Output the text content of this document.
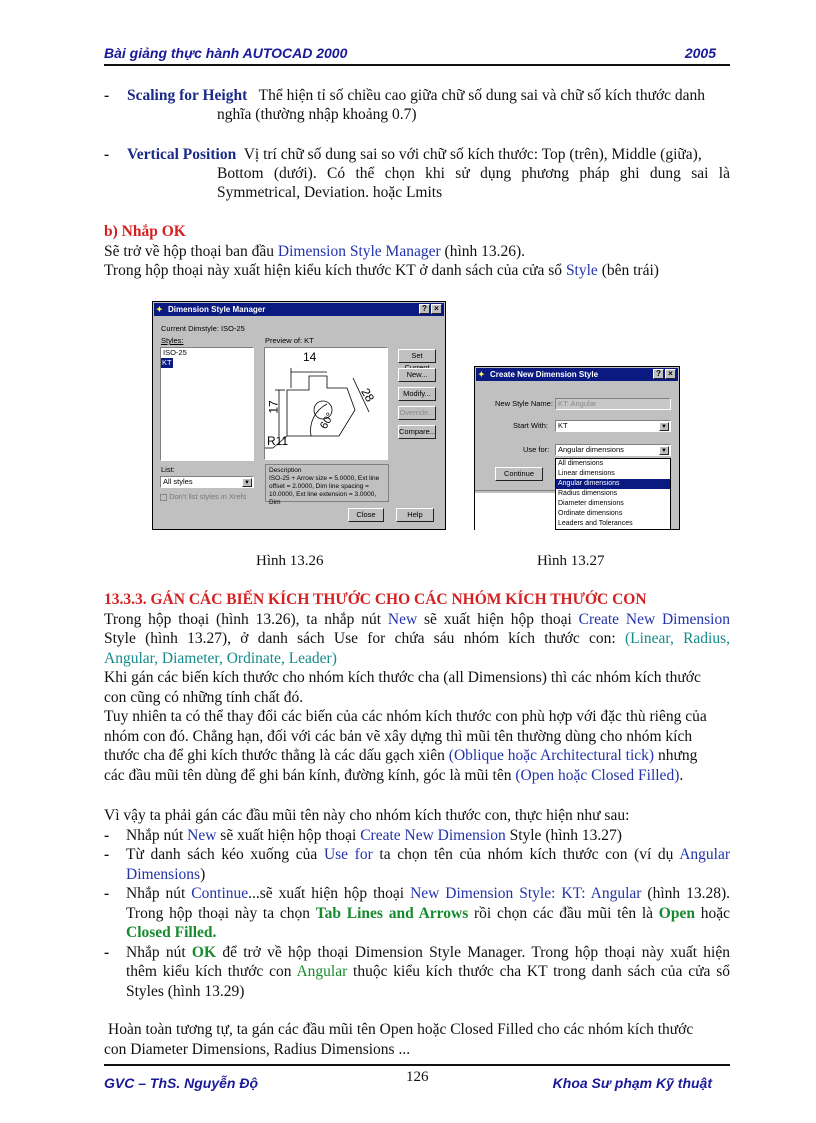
Bài giảng thực hành AUTOCAD 2000	2005
-	Scaling for Height Thể hiện tỉ số chiều cao giữa chữ số dung sai và chữ số kích thước danh
nghĩa (thường nhập khoảng 0.7)
-	Vertical Position Vị trí chữ số dung sai so với chữ số kích thước: Top (trên), Middle (giữa),
Bottom (dưới). Có thể chọn khi sử dụng phương pháp ghi dung sai là
Symmetrical, Deviation. hoặc Lmits
b) Nhắp OK
Sẽ trở về hộp thoại ban đầu Dimension Style Manager (hình 13.26).
Trong hộp thoại này xuất hiện kiểu kích thước KT ở danh sách của cửa sổ Style (bên trái)
✦ Dimension Style Manager	? ×
Current Dimstyle: ISO-25
Styles:
ISO-25
KT
Preview of: KT
14
17
28
60°
R11
Set
New...
Modify...
Override...
Compare...
List:
All styles	▼
Don't list styles in Xrefs
Description
ISO-25 + Arrow size = 5.0000, Ext line offset = 2.0000, Dim line spacing = 10.0000, Ext line extension = 3.0000, Dim
Close	Help
✦ Create New Dimension Style	? ×
New Style Name: KT: Angular
Start With: KT	▼
Use for: Angular dimensions	▼
All dimensions
Linear dimensions
Angular dimensions
Radius dimensions
Diameter dimensions
Ordinate dimensions
Leaders and Tolerances
Continue
Hình 13.26	Hình 13.27
13.3.3. GÁN CÁC BIẾN KÍCH THƯỚC CHO CÁC NHÓM KÍCH THƯỚC CON
Trong hộp thoại (hình 13.26), ta nhắp nút New sẽ xuất hiện hộp thoại Create New Dimension
Style (hình 13.27), ở danh sách Use for chứa sáu nhóm kích thước con: (Linear, Radius,
Angular, Diameter, Ordinate, Leader)
Khi gán các biến kích thước cho nhóm kích thước cha (all Dimensions) thì các nhóm kích thước
con cũng có những tính chất đó.
Tuy nhiên ta có thể thay đổi các biến của các nhóm kích thước con phù hợp với đặc thù riêng của
nhóm con đó. Chẳng hạn, đối với các bản vẽ xây dựng thì mũi tên thường dùng cho nhóm kích
thước cha để ghi kích thước thẳng là các dấu gạch xiên (Oblique hoặc Architectural tick) nhưng
các đầu mũi tên dùng để ghi bán kính, đường kính, góc là mũi tên (Open hoặc Closed Filled).
Vì vậy ta phải gán các đầu mũi tên này cho nhóm kích thước con, thực hiện như sau:
-	Nhắp nút New sẽ xuất hiện hộp thoại Create New Dimension Style (hình 13.27)
-	Từ danh sách kéo xuống của Use for ta chọn tên của nhóm kích thước con (ví dụ Angular
Dimensions)
-	Nhắp nút Continue...sẽ xuất hiện hộp thoại New Dimension Style: KT: Angular (hình 13.28).
Trong hộp thoại này ta chọn Tab Lines and Arrows rồi chọn các đầu mũi tên là Open hoặc
Closed Filled.
-	Nhắp nút OK để trở về hộp thoại Dimension Style Manager. Trong hộp thoại này xuất hiện
thêm kiểu kích thước con Angular thuộc kiểu kích thước cha KT trong danh sách của cửa sổ
Styles (hình 13.29)
Hoàn toàn tương tự, ta gán các đầu mũi tên Open hoặc Closed Filled cho các nhóm kích thước
con Diameter Dimensions, Radius Dimensions ...
GVC – ThS. Nguyễn Độ	126	Khoa Sư phạm Kỹ thuật
